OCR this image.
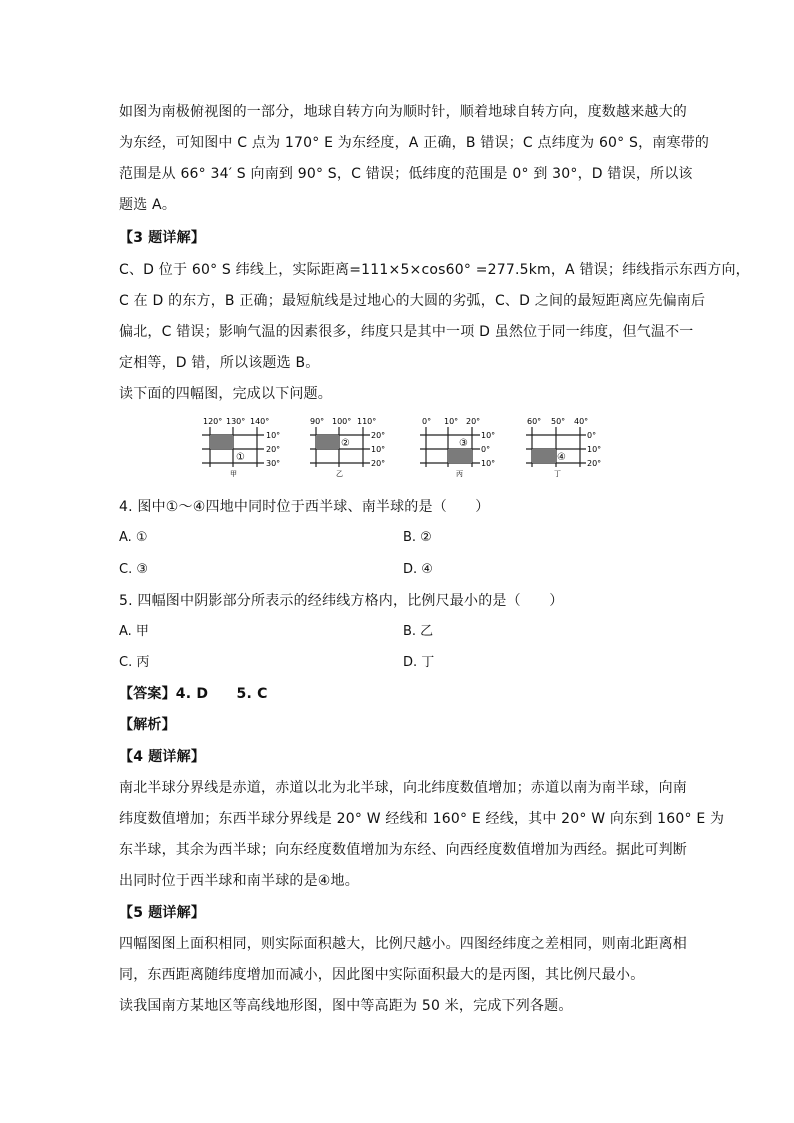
如图为南极俯视图的一部分，地球自转方向为顺时针，顺着地球自转方向，度数越来越大的
为东经，可知图中 C 点为 170° E 为东经度，A 正确，B 错误；C 点纬度为 60° S，南寒带的
范围是从 66° 34′ S 向南到 90° S，C 错误；低纬度的范围是 0° 到 30°，D 错误，所以该
题选 A。
【3 题详解】
C、D 位于 60° S 纬线上，实际距离=111×5×cos60° =277.5km，A 错误；纬线指示东西方向，
C 在 D 的东方，B 正确；最短航线是过地心的大圆的劣弧，C、D 之间的最短距离应先偏南后
偏北，C 错误；影响气温的因素很多，纬度只是其中一项 D 虽然位于同一纬度，但气温不一
定相等，D 错，所以该题选 B。
读下面的四幅图，完成以下问题。
120° 130° 140°
①
10°
20°
30°
甲
90° 100° 110°
②
20°
10°
20°
乙
0° 10° 20°
③
10°
0°
10°
丙
60° 50° 40°
④
0°
10°
20°
丁
4. 图中①～④四地中同时位于西半球、南半球的是（　　）
A. ①	B. ②
C. ③	D. ④
5. 四幅图中阴影部分所表示的经纬线方格内，比例尺最小的是（　　）
A. 甲	B. 乙
C. 丙	D. 丁
【答案】4. D　　5. C
【解析】
【4 题详解】
南北半球分界线是赤道，赤道以北为北半球，向北纬度数值增加；赤道以南为南半球，向南
纬度数值增加；东西半球分界线是 20° W 经线和 160° E 经线，其中 20° W 向东到 160° E 为
东半球，其余为西半球；向东经度数值增加为东经、向西经度数值增加为西经。据此可判断
出同时位于西半球和南半球的是④地。
【5 题详解】
四幅图图上面积相同，则实际面积越大，比例尺越小。四图经纬度之差相同，则南北距离相
同，东西距离随纬度增加而减小，因此图中实际面积最大的是丙图，其比例尺最小。
读我国南方某地区等高线地形图，图中等高距为 50 米，完成下列各题。
